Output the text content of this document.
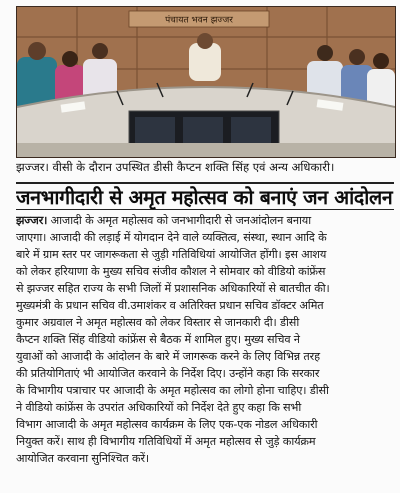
पंचायत भवन झज्जर
झज्जर। वीसी के दौरान उपस्थित डीसी कैप्टन शक्ति सिंह एवं अन्य अधिकारी।
जनभागीदारी से अमृत महोत्सव को बनाएं जन आंदोलन
झज्जर। आजादी के अमृत महोत्सव को जनभागीदारी से जनआंदोलन बनाया
जाएगा। आजादी की लड़ाई में योगदान देने वाले व्यक्तित्व, संस्था, स्थान आदि के
बारे में ग्राम स्तर पर जागरूकता से जुड़ी गतिविधियां आयोजित होंगी। इस आशय
को लेकर हरियाणा के मुख्य सचिव संजीव कौशल ने सोमवार को वीडियो कांफ्रेंस
से झज्जर सहित राज्य के सभी जिलों में प्रशासनिक अधिकारियों से बातचीत की।
मुख्यमंत्री के प्रधान सचिव वी.उमाशंकर व अतिरिक्त प्रधान सचिव डॉक्टर अमित
कुमार अग्रवाल ने अमृत महोत्सव को लेकर विस्तार से जानकारी दी। डीसी
कैप्टन शक्ति सिंह वीडियो कांफ्रेंस से बैठक में शामिल हुए। मुख्य सचिव ने
युवाओं को आजादी के आंदोलन के बारे में जागरूक करने के लिए विभिन्न तरह
की प्रतियोगिताएं भी आयोजित करवाने के निर्देश दिए। उन्होंने कहा कि सरकार
के विभागीय पत्राचार पर आजादी के अमृत महोत्सव का लोगो होना चाहिए। डीसी
ने वीडियो कांफ्रेंस के उपरांत अधिकारियों को निर्देश देते हुए कहा कि सभी
विभाग आजादी के अमृत महोत्सव कार्यक्रम के लिए एक-एक नोडल अधिकारी
नियुक्त करें। साथ ही विभागीय गतिविधियों में अमृत महोत्सव से जुड़े कार्यक्रम
आयोजित करवाना सुनिश्चित करें।
